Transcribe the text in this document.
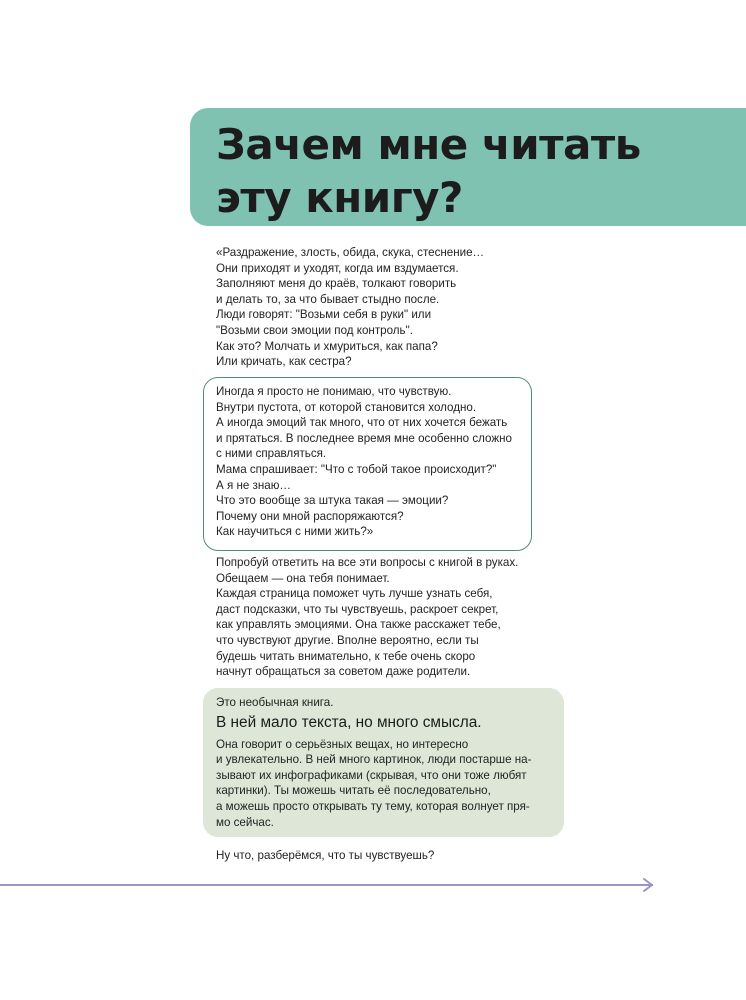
Зачем мне читать
эту книгу?
«Раздражение, злость, обида, скука, стеснение…
Они приходят и уходят, когда им вздумается.
Заполняют меня до краёв, толкают говорить
и делать то, за что бывает стыдно после.
Люди говорят: "Возьми себя в руки" или
"Возьми свои эмоции под контроль".
Как это? Молчать и хмуриться, как папа?
Или кричать, как сестра?
Иногда я просто не понимаю, что чувствую.
Внутри пустота, от которой становится холодно.
А иногда эмоций так много, что от них хочется бежать
и прятаться. В последнее время мне особенно сложно
с ними справляться.
Мама спрашивает: "Что с тобой такое происходит?"
А я не знаю…
Что это вообще за штука такая — эмоции?
Почему они мной распоряжаются?
Как научиться с ними жить?»
Попробуй ответить на все эти вопросы с книгой в руках.
Обещаем — она тебя понимает.
Каждая страница поможет чуть лучше узнать себя,
даст подсказки, что ты чувствуешь, раскроет секрет,
как управлять эмоциями. Она также расскажет тебе,
что чувствуют другие. Вполне вероятно, если ты
будешь читать внимательно, к тебе очень скоро
начнут обращаться за советом даже родители.
Это необычная книга.
В ней мало текста, но много смысла.
Она говорит о серьёзных вещах, но интересно
и увлекательно. В ней много картинок, люди постарше на-
зывают их инфографиками (скрывая, что они тоже любят
картинки). Ты можешь читать её последовательно,
а можешь просто открывать ту тему, которая волнует пря-
мо сейчас.
Ну что, разберёмся, что ты чувствуешь?
